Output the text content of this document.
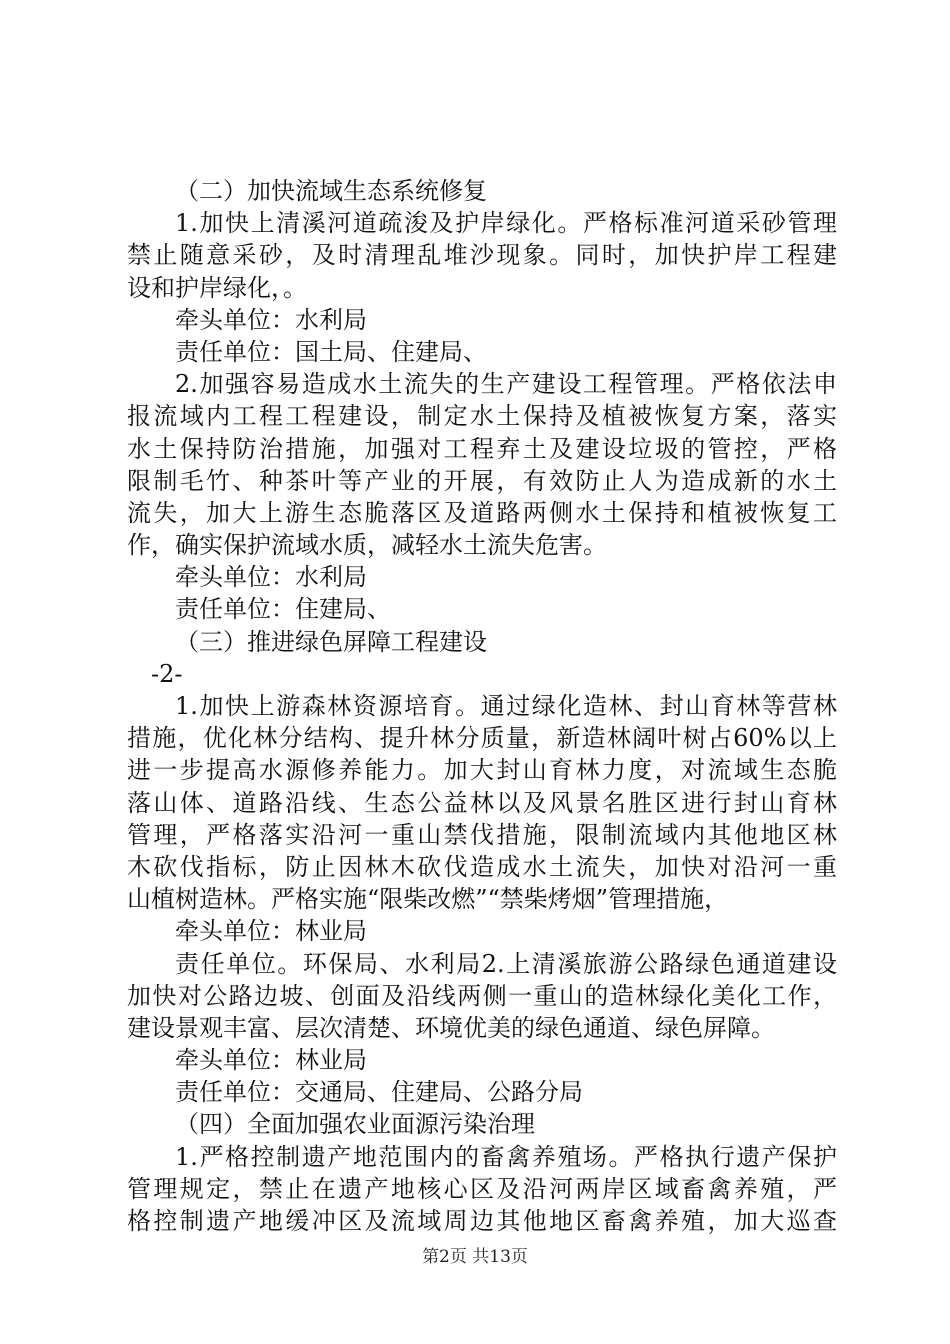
（二）加快流域生态系统修复
1.加快上清溪河道疏浚及护岸绿化。严格标准河道采砂管理
禁止随意采砂，及时清理乱堆沙现象。同时，加快护岸工程建
设和护岸绿化，。
牵头单位：水利局
责任单位：国土局、住建局、
2.加强容易造成水土流失的生产建设工程管理。严格依法申
报流域内工程工程建设，制定水土保持及植被恢复方案，落实
水土保持防治措施，加强对工程弃土及建设垃圾的管控，严格
限制毛竹、种茶叶等产业的开展，有效防止人为造成新的水土
流失，加大上游生态脆落区及道路两侧水土保持和植被恢复工
作，确实保护流域水质，减轻水土流失危害。
牵头单位：水利局
责任单位：住建局、
（三）推进绿色屏障工程建设
-2-
1.加快上游森林资源培育。通过绿化造林、封山育林等营林
措施，优化林分结构、提升林分质量，新造林阔叶树占60%以上
进一步提高水源修养能力。加大封山育林力度，对流域生态脆
落山体、道路沿线、生态公益林以及风景名胜区进行封山育林
管理，严格落实沿河一重山禁伐措施，限制流域内其他地区林
木砍伐指标，防止因林木砍伐造成水土流失，加快对沿河一重
山植树造林。严格实施“限柴改燃”“禁柴烤烟”管理措施，
牵头单位：林业局
责任单位。环保局、水利局2.上清溪旅游公路绿色通道建设
加快对公路边坡、创面及沿线两侧一重山的造林绿化美化工作，
建设景观丰富、层次清楚、环境优美的绿色通道、绿色屏障。
牵头单位：林业局
责任单位：交通局、住建局、公路分局
（四）全面加强农业面源污染治理
1.严格控制遗产地范围内的畜禽养殖场。严格执行遗产保护
管理规定，禁止在遗产地核心区及沿河两岸区域畜禽养殖，严
格控制遗产地缓冲区及流域周边其他地区畜禽养殖，加大巡查
第2页 共13页
